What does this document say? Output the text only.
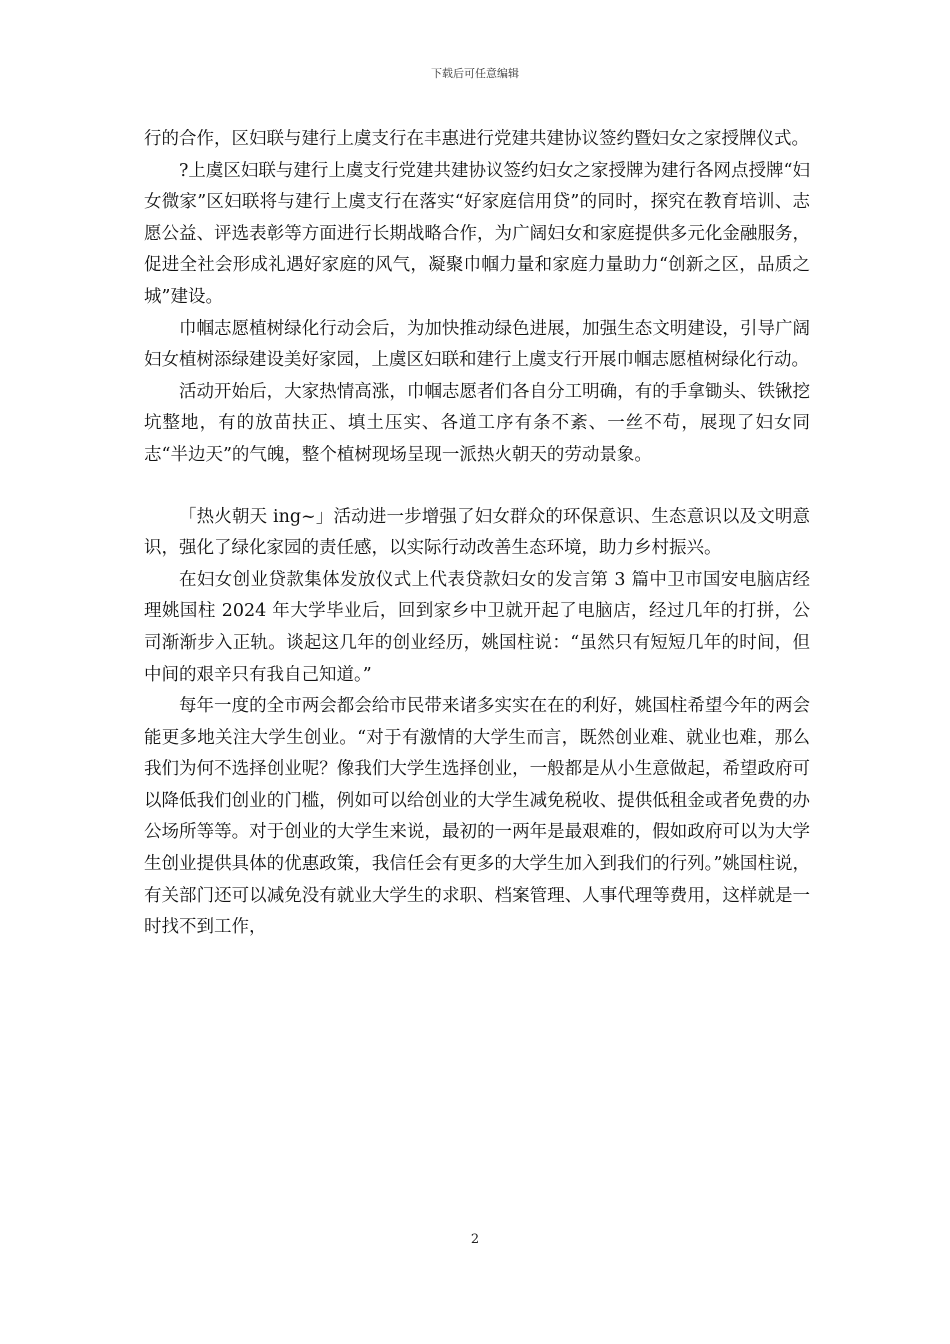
下载后可任意编辑

行的合作，区妇联与建行上虞支行在丰惠进行党建共建协议签约暨妇女之家授牌仪式。

?上虞区妇联与建行上虞支行党建共建协议签约妇女之家授牌为建行各网点授牌“妇女微家”区妇联将与建行上虞支行在落实“好家庭信用贷”的同时，探究在教育培训、志愿公益、评选表彰等方面进行长期战略合作，为广阔妇女和家庭提供多元化金融服务，促进全社会形成礼遇好家庭的风气，凝聚巾帼力量和家庭力量助力“创新之区，品质之城”建设。

巾帼志愿植树绿化行动会后，为加快推动绿色进展，加强生态文明建设，引导广阔妇女植树添绿建设美好家园，上虞区妇联和建行上虞支行开展巾帼志愿植树绿化行动。

活动开始后，大家热情高涨，巾帼志愿者们各自分工明确，有的手拿锄头、铁锹挖坑整地，有的放苗扶正、填土压实、各道工序有条不紊、一丝不苟，展现了妇女同志“半边天”的气魄，整个植树现场呈现一派热火朝天的劳动景象。

「热火朝天 ing~」活动进一步增强了妇女群众的环保意识、生态意识以及文明意识，强化了绿化家园的责任感，以实际行动改善生态环境，助力乡村振兴。

在妇女创业贷款集体发放仪式上代表贷款妇女的发言第 3 篇中卫市国安电脑店经理姚国柱 2024 年大学毕业后，回到家乡中卫就开起了电脑店，经过几年的打拼，公司渐渐步入正轨。谈起这几年的创业经历，姚国柱说：“虽然只有短短几年的时间，但中间的艰辛只有我自己知道。”

每年一度的全市两会都会给市民带来诸多实实在在的利好，姚国柱希望今年的两会能更多地关注大学生创业。“对于有激情的大学生而言，既然创业难、就业也难，那么我们为何不选择创业呢？像我们大学生选择创业，一般都是从小生意做起，希望政府可以降低我们创业的门槛，例如可以给创业的大学生减免税收、提供低租金或者免费的办公场所等等。对于创业的大学生来说，最初的一两年是最艰难的，假如政府可以为大学生创业提供具体的优惠政策，我信任会有更多的大学生加入到我们的行列。”姚国柱说，有关部门还可以减免没有就业大学生的求职、档案管理、人事代理等费用，这样就是一时找不到工作，

2
